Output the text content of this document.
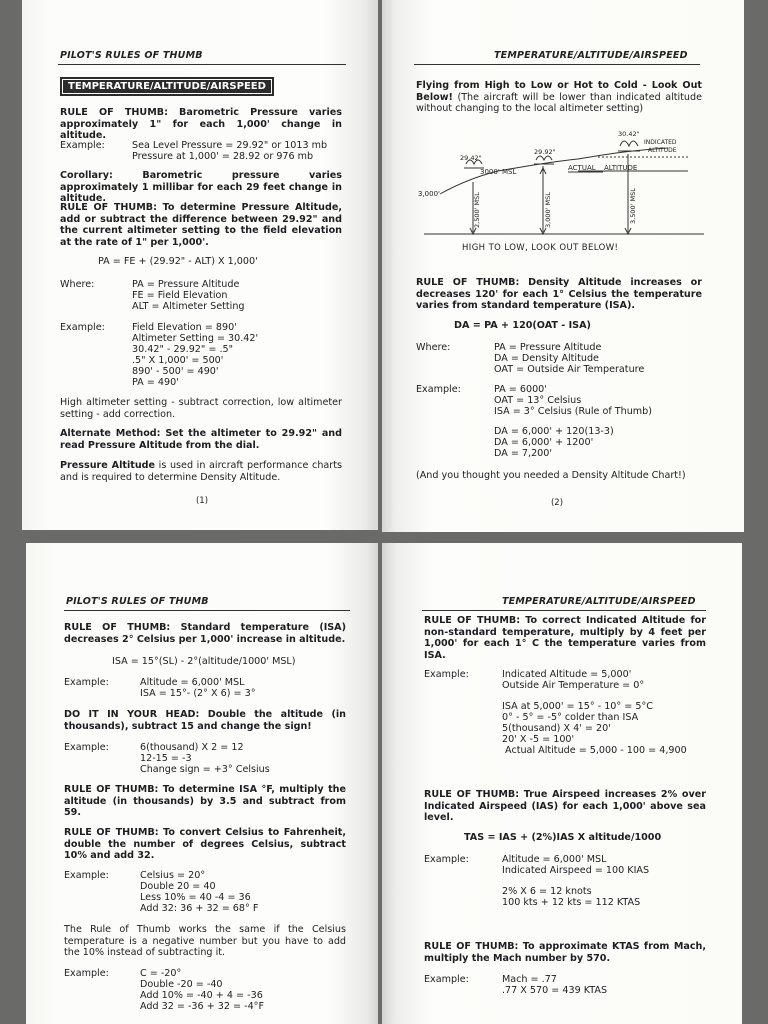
PILOT'S RULES OF THUMB
TEMPERATURE/ALTITUDE/AIRSPEED
RULE OF THUMB: Barometric Pressure varies approximately 1" for each 1,000' change in altitude.
Example:	Sea Level Pressure = 29.92" or 1013 mb
Pressure at 1,000' = 28.92 or 976 mb
Corollary: Barometric pressure varies approximately 1 millibar for each 29 feet change in altitude.
RULE OF THUMB: To determine Pressure Altitude, add or subtract the difference between 29.92" and the current altimeter setting to the field elevation at the rate of 1" per 1,000'.
PA = FE + (29.92" - ALT) X 1,000'
Where:	PA = Pressure Altitude
FE = Field Elevation
ALT = Altimeter Setting
Example:	Field Elevation = 890'
Altimeter Setting = 30.42'
30.42" - 29.92" = .5"
.5" X 1,000' = 500'
890' - 500' = 490'
PA = 490'
High altimeter setting - subtract correction, low altimeter setting - add correction.
Alternate Method: Set the altimeter to 29.92" and read Pressure Altitude from the dial.
Pressure Altitude is used in aircraft performance charts and is required to determine Density Altitude.
(1)
TEMPERATURE/ALTITUDE/AIRSPEED
Flying from High to Low or Hot to Cold - Look Out Below! (The aircraft will be lower than indicated altitude without changing to the local altimeter setting)
29.42"
29.92"
30.42"
3,000'
3000' MSL	ACTUAL
INDICATED
ALTITUDE
ALTITUDE
2,500' MSL	3,000' MSL	3,500' MSL
HIGH TO LOW, LOOK OUT BELOW!
RULE OF THUMB: Density Altitude increases or decreases 120' for each 1° Celsius the temperature varies from standard temperature (ISA).
DA = PA + 120(OAT - ISA)
Where:	PA = Pressure Altitude
DA = Density Altitude
OAT = Outside Air Temperature
Example:	PA = 6000'
OAT = 13° Celsius
ISA = 3° Celsius (Rule of Thumb)
DA = 6,000' + 120(13-3)
DA = 6,000' + 1200'
DA = 7,200'
(And you thought you needed a Density Altitude Chart!)
(2)
PILOT'S RULES OF THUMB
RULE OF THUMB: Standard temperature (ISA) decreases 2° Celsius per 1,000' increase in altitude.
ISA = 15°(SL) - 2°(altitude/1000' MSL)
Example:	Altitude = 6,000' MSL
ISA = 15°- (2° X 6) = 3°
DO IT IN YOUR HEAD: Double the altitude (in thousands), subtract 15 and change the sign!
Example:	6(thousand) X 2 = 12
12-15 = -3
Change sign = +3° Celsius
RULE OF THUMB: To determine ISA °F, multiply the altitude (in thousands) by 3.5 and subtract from 59.
RULE OF THUMB: To convert Celsius to Fahrenheit, double the number of degrees Celsius, subtract 10% and add 32.
Example:	Celsius = 20°
Double 20 = 40
Less 10% = 40 -4 = 36
Add 32: 36 + 32 = 68° F
The Rule of Thumb works the same if the Celsius temperature is a negative number but you have to add the 10% instead of subtracting it.
Example:	C = -20°
Double -20 = -40
Add 10% = -40 + 4 = -36
Add 32 = -36 + 32 = -4°F
TEMPERATURE/ALTITUDE/AIRSPEED
RULE OF THUMB: To correct Indicated Altitude for non-standard temperature, multiply by 4 feet per 1,000' for each 1° C the temperature varies from ISA.
Example:	Indicated Altitude = 5,000'
Outside Air Temperature = 0°
ISA at 5,000' = 15° - 10° = 5°C
0° - 5° = -5° colder than ISA
5(thousand) X 4' = 20'
20' X -5 = 100'
Actual Altitude = 5,000 - 100 = 4,900
RULE OF THUMB: True Airspeed increases 2% over Indicated Airspeed (IAS) for each 1,000' above sea level.
TAS = IAS + (2%)IAS X altitude/1000
Example:	Altitude = 6,000' MSL
Indicated Airspeed = 100 KIAS
2% X 6 = 12 knots
100 kts + 12 kts = 112 KTAS
RULE OF THUMB: To approximate KTAS from Mach, multiply the Mach number by 570.
Example:	Mach = .77
.77 X 570 = 439 KTAS
